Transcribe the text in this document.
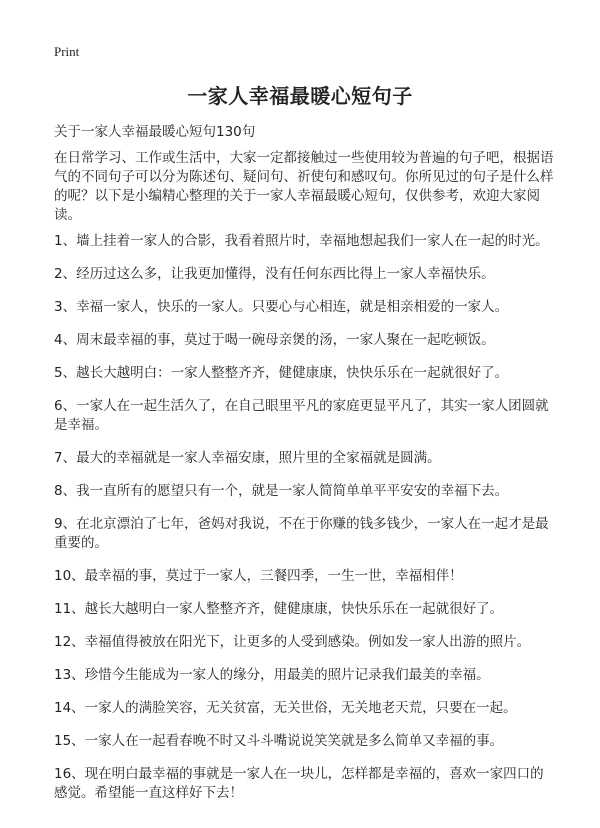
Print
一家人幸福最暖心短句子

关于一家人幸福最暖心短句130句

在日常学习、工作或生活中，大家一定都接触过一些使用较为普遍的句子吧，根据语气的不同句子可以分为陈述句、疑问句、祈使句和感叹句。你所见过的句子是什么样的呢？以下是小编精心整理的关于一家人幸福最暖心短句，仅供参考，欢迎大家阅读。

1、墙上挂着一家人的合影，我看着照片时，幸福地想起我们一家人在一起的时光。
2、经历过这么多，让我更加懂得，没有任何东西比得上一家人幸福快乐。
3、幸福一家人，快乐的一家人。只要心与心相连，就是相亲相爱的一家人。
4、周末最幸福的事，莫过于喝一碗母亲煲的汤，一家人聚在一起吃顿饭。
5、越长大越明白：一家人整整齐齐，健健康康，快快乐乐在一起就很好了。
6、一家人在一起生活久了，在自己眼里平凡的家庭更显平凡了，其实一家人团圆就是幸福。
7、最大的幸福就是一家人幸福安康，照片里的全家福就是圆满。
8、我一直所有的愿望只有一个，就是一家人简简单单平平安安的幸福下去。
9、在北京漂泊了七年，爸妈对我说，不在于你赚的钱多钱少，一家人在一起才是最重要的。
10、最幸福的事，莫过于一家人，三餐四季，一生一世，幸福相伴！
11、越长大越明白一家人整整齐齐，健健康康，快快乐乐在一起就很好了。
12、幸福值得被放在阳光下，让更多的人受到感染。例如发一家人出游的照片。
13、珍惜今生能成为一家人的缘分，用最美的照片记录我们最美的幸福。
14、一家人的满脸笑容，无关贫富，无关世俗，无关地老天荒，只要在一起。
15、一家人在一起看春晚不时又斗斗嘴说说笑笑就是多么简单又幸福的事。
16、现在明白最幸福的事就是一家人在一块儿，怎样都是幸福的，喜欢一家四口的感觉。希望能一直这样好下去！
